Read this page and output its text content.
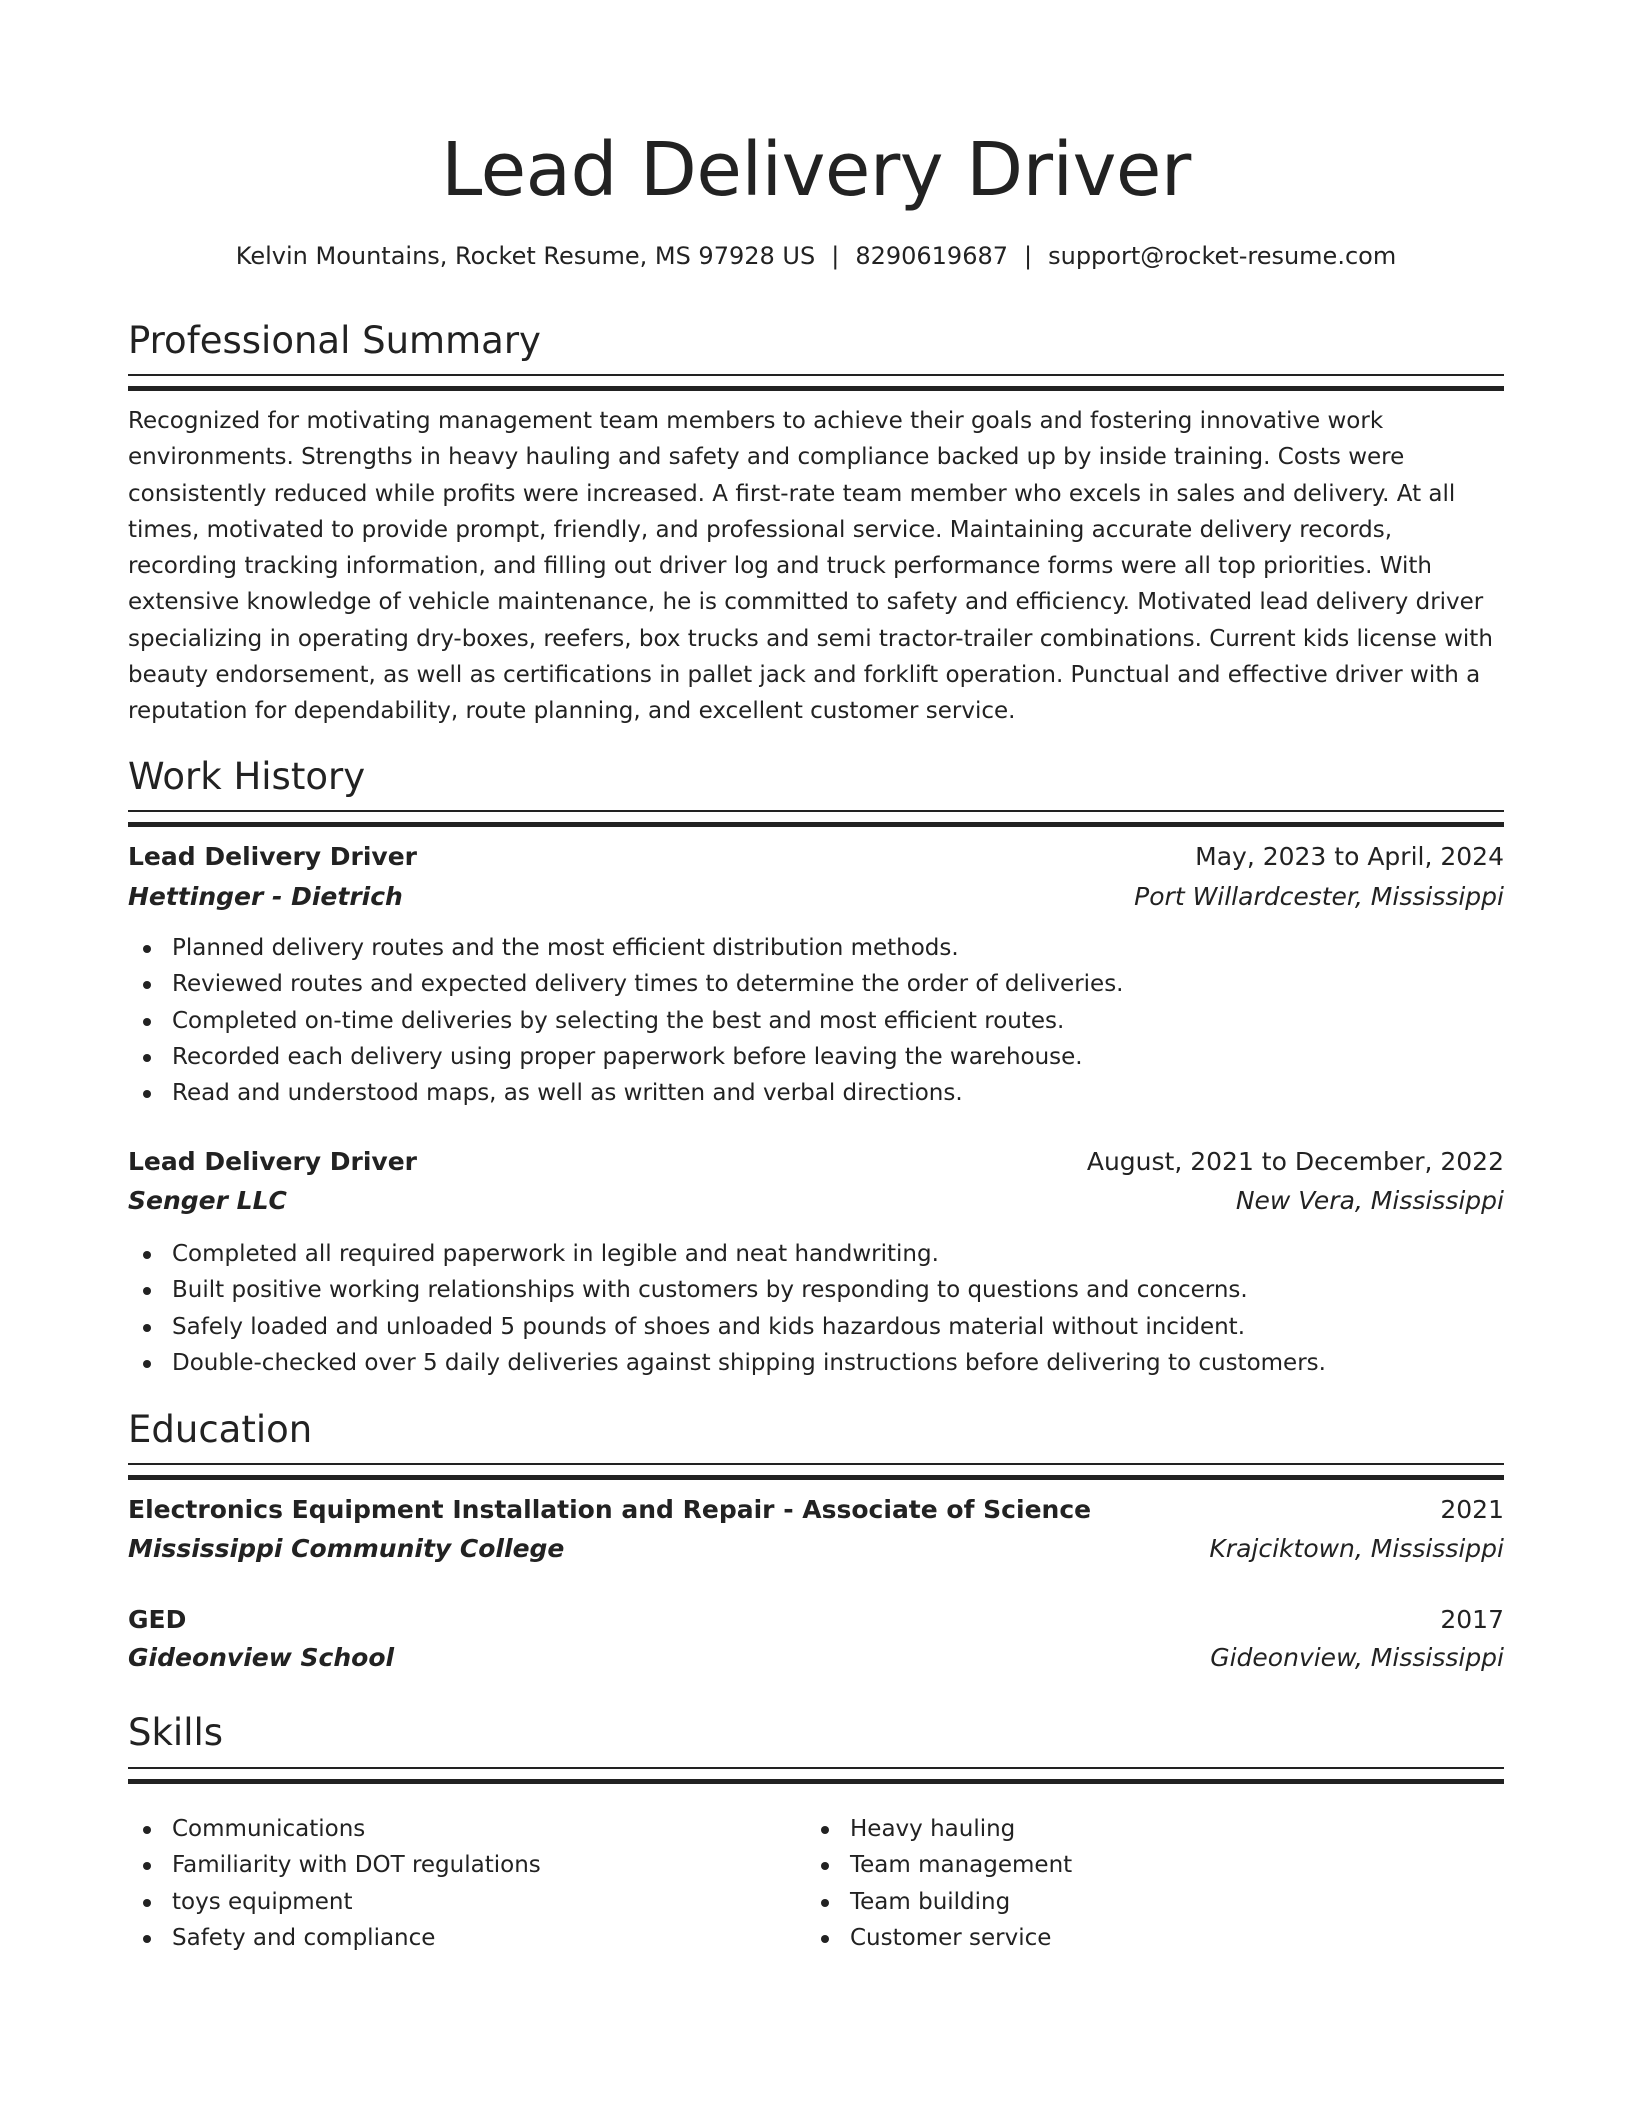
Lead Delivery Driver
Kelvin Mountains, Rocket Resume, MS 97928 US | 8290619687 | support@rocket-resume.com
Professional Summary
Recognized for motivating management team members to achieve their goals and fostering innovative work environments. Strengths in heavy hauling and safety and compliance backed up by inside training. Costs were consistently reduced while profits were increased. A first-rate team member who excels in sales and delivery. At all times, motivated to provide prompt, friendly, and professional service. Maintaining accurate delivery records, recording tracking information, and filling out driver log and truck performance forms were all top priorities. With extensive knowledge of vehicle maintenance, he is committed to safety and efficiency. Motivated lead delivery driver specializing in operating dry-boxes, reefers, box trucks and semi tractor-trailer combinations. Current kids license with beauty endorsement, as well as certifications in pallet jack and forklift operation. Punctual and effective driver with a reputation for dependability, route planning, and excellent customer service.
Work History
Lead Delivery Driver	May, 2023 to April, 2024
Hettinger - Dietrich	Port Willardcester, Mississippi
Planned delivery routes and the most efficient distribution methods.
Reviewed routes and expected delivery times to determine the order of deliveries.
Completed on-time deliveries by selecting the best and most efficient routes.
Recorded each delivery using proper paperwork before leaving the warehouse.
Read and understood maps, as well as written and verbal directions.
Lead Delivery Driver	August, 2021 to December, 2022
Senger LLC	New Vera, Mississippi
Completed all required paperwork in legible and neat handwriting.
Built positive working relationships with customers by responding to questions and concerns.
Safely loaded and unloaded 5 pounds of shoes and kids hazardous material without incident.
Double-checked over 5 daily deliveries against shipping instructions before delivering to customers.
Education
Electronics Equipment Installation and Repair - Associate of Science	2021
Mississippi Community College	Krajciktown, Mississippi
GED	2017
Gideonview School	Gideonview, Mississippi
Skills
Communications
Familiarity with DOT regulations
toys equipment
Safety and compliance
Heavy hauling
Team management
Team building
Customer service
